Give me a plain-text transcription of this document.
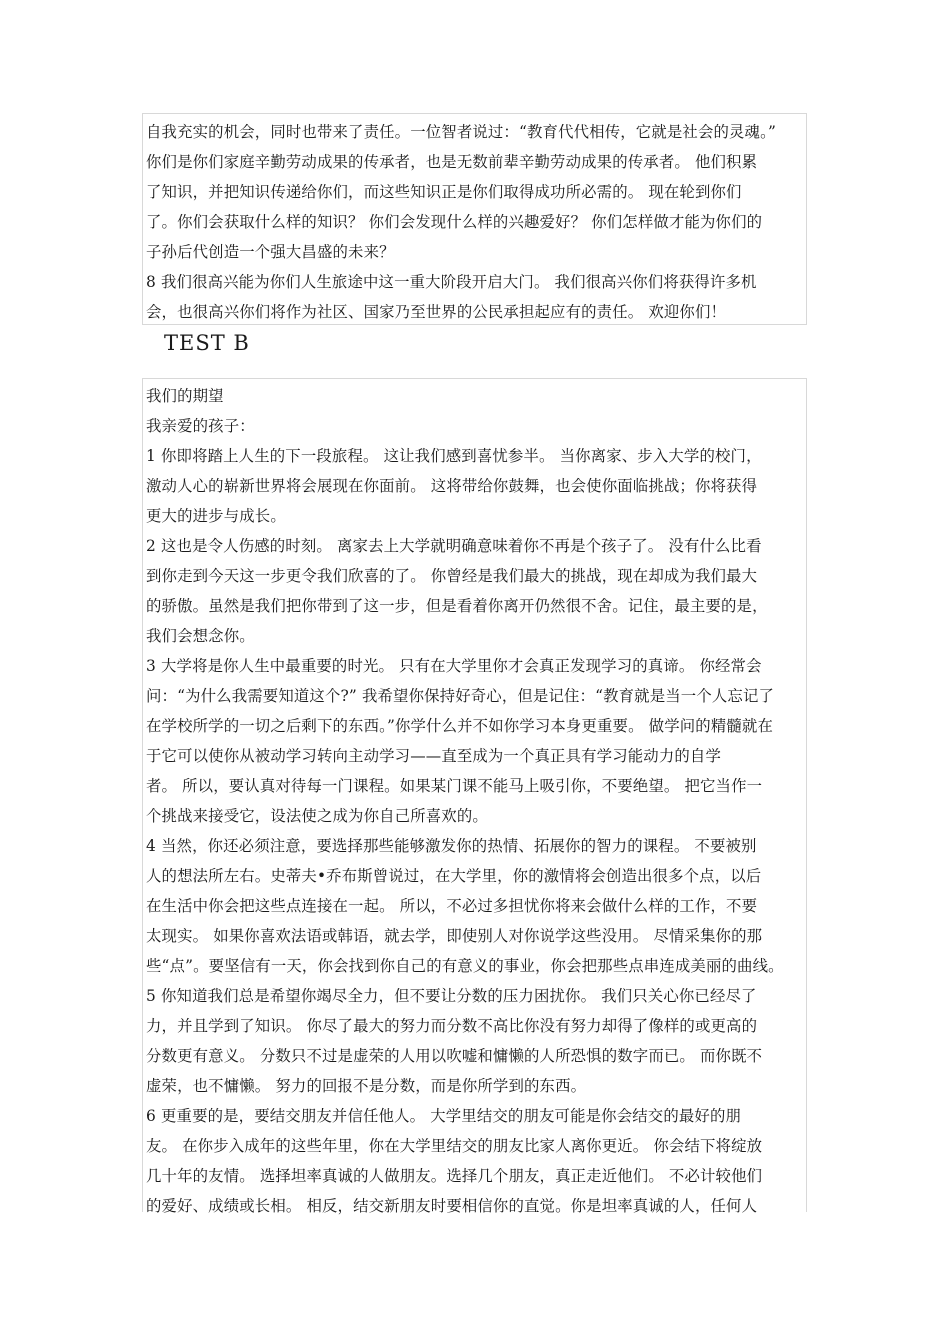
自我充实的机会，同时也带来了责任。一位智者说过：“教育代代相传，它就是社会的灵魂。”
你们是你们家庭辛勤劳动成果的传承者，也是无数前辈辛勤劳动成果的传承者。 他们积累
了知识，并把知识传递给你们，而这些知识正是你们取得成功所必需的。 现在轮到你们
了。你们会获取什么样的知识？ 你们会发现什么样的兴趣爱好？ 你们怎样做才能为你们的
子孙后代创造一个强大昌盛的未来？
8 我们很高兴能为你们人生旅途中这一重大阶段开启大门。 我们很高兴你们将获得许多机
会，也很高兴你们将作为社区、国家乃至世界的公民承担起应有的责任。 欢迎你们！
TEST B
我们的期望
我亲爱的孩子：
1 你即将踏上人生的下一段旅程。 这让我们感到喜忧参半。 当你离家、步入大学的校门，
激动人心的崭新世界将会展现在你面前。 这将带给你鼓舞，也会使你面临挑战；你将获得
更大的进步与成长。
2 这也是令人伤感的时刻。 离家去上大学就明确意味着你不再是个孩子了。 没有什么比看
到你走到今天这一步更令我们欣喜的了。 你曾经是我们最大的挑战，现在却成为我们最大
的骄傲。虽然是我们把你带到了这一步，但是看着你离开仍然很不舍。记住，最主要的是，
我们会想念你。
3 大学将是你人生中最重要的时光。 只有在大学里你才会真正发现学习的真谛。 你经常会
问：“为什么我需要知道这个?” 我希望你保持好奇心，但是记住：“教育就是当一个人忘记了
在学校所学的一切之后剩下的东西。”你学什么并不如你学习本身更重要。 做学问的精髓就在
于它可以使你从被动学习转向主动学习——直至成为一个真正具有学习能动力的自学
者。 所以，要认真对待每一门课程。如果某门课不能马上吸引你，不要绝望。 把它当作一
个挑战来接受它，设法使之成为你自己所喜欢的。
4 当然，你还必须注意，要选择那些能够激发你的热情、拓展你的智力的课程。 不要被别
人的想法所左右。史蒂夫•乔布斯曾说过，在大学里，你的激情将会创造出很多个点，以后
在生活中你会把这些点连接在一起。 所以，不必过多担忧你将来会做什么样的工作，不要
太现实。 如果你喜欢法语或韩语，就去学，即使别人对你说学这些没用。 尽情采集你的那
些“点”。要坚信有一天，你会找到你自己的有意义的事业，你会把那些点串连成美丽的曲线。
5 你知道我们总是希望你竭尽全力，但不要让分数的压力困扰你。 我们只关心你已经尽了
力，并且学到了知识。 你尽了最大的努力而分数不高比你没有努力却得了像样的或更高的
分数更有意义。 分数只不过是虚荣的人用以吹嘘和慵懒的人所恐惧的数字而已。 而你既不
虚荣，也不慵懒。 努力的回报不是分数，而是你所学到的东西。
6 更重要的是，要结交朋友并信任他人。 大学里结交的朋友可能是你会结交的最好的朋
友。 在你步入成年的这些年里，你在大学里结交的朋友比家人离你更近。 你会结下将绽放
几十年的友情。 选择坦率真诚的人做朋友。选择几个朋友，真正走近他们。 不必计较他们
的爱好、成绩或长相。 相反，结交新朋友时要相信你的直觉。你是坦率真诚的人，任何人
